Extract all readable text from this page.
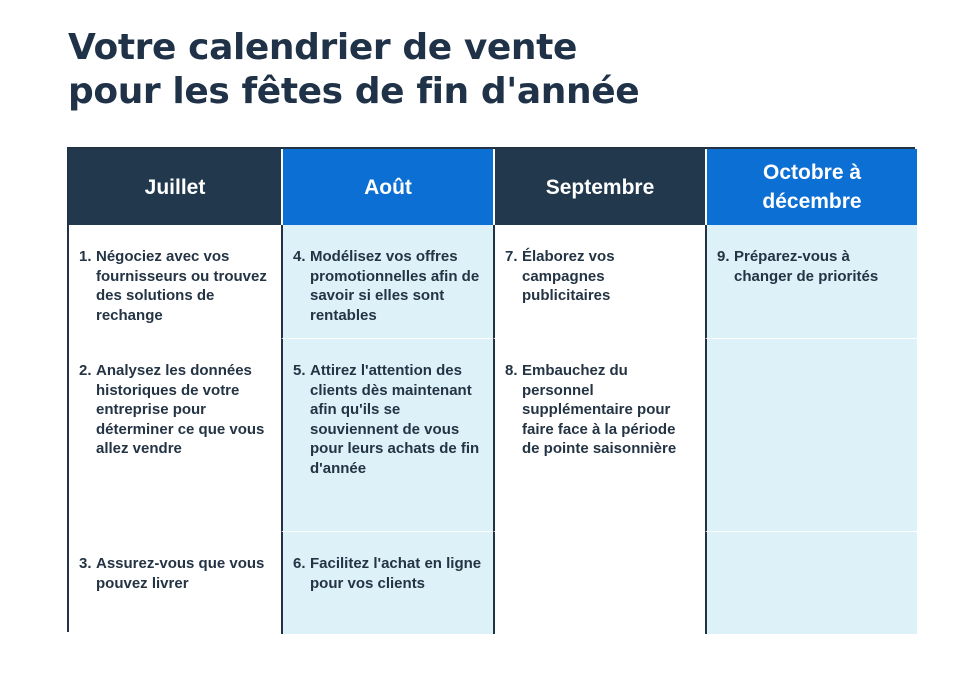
Votre calendrier de vente
pour les fêtes de fin d'année
Juillet	Août	Septembre
Octobre à décembre
1. Négociez avec vos fournisseurs ou trouvez des solutions de rechange
4. Modélisez vos offres promotionnelles afin de savoir si elles sont rentables
7. Élaborez vos campagnes publicitaires
9. Préparez-vous à changer de priorités
2. Analysez les données historiques de votre entreprise pour déterminer ce que vous allez vendre
5. Attirez l'attention des clients dès maintenant afin qu'ils se souviennent de vous pour leurs achats de fin d'année
8. Embauchez du personnel supplémentaire pour faire face à la période de pointe saisonnière
3. Assurez-vous que vous pouvez livrer
6. Facilitez l'achat en ligne pour vos clients
